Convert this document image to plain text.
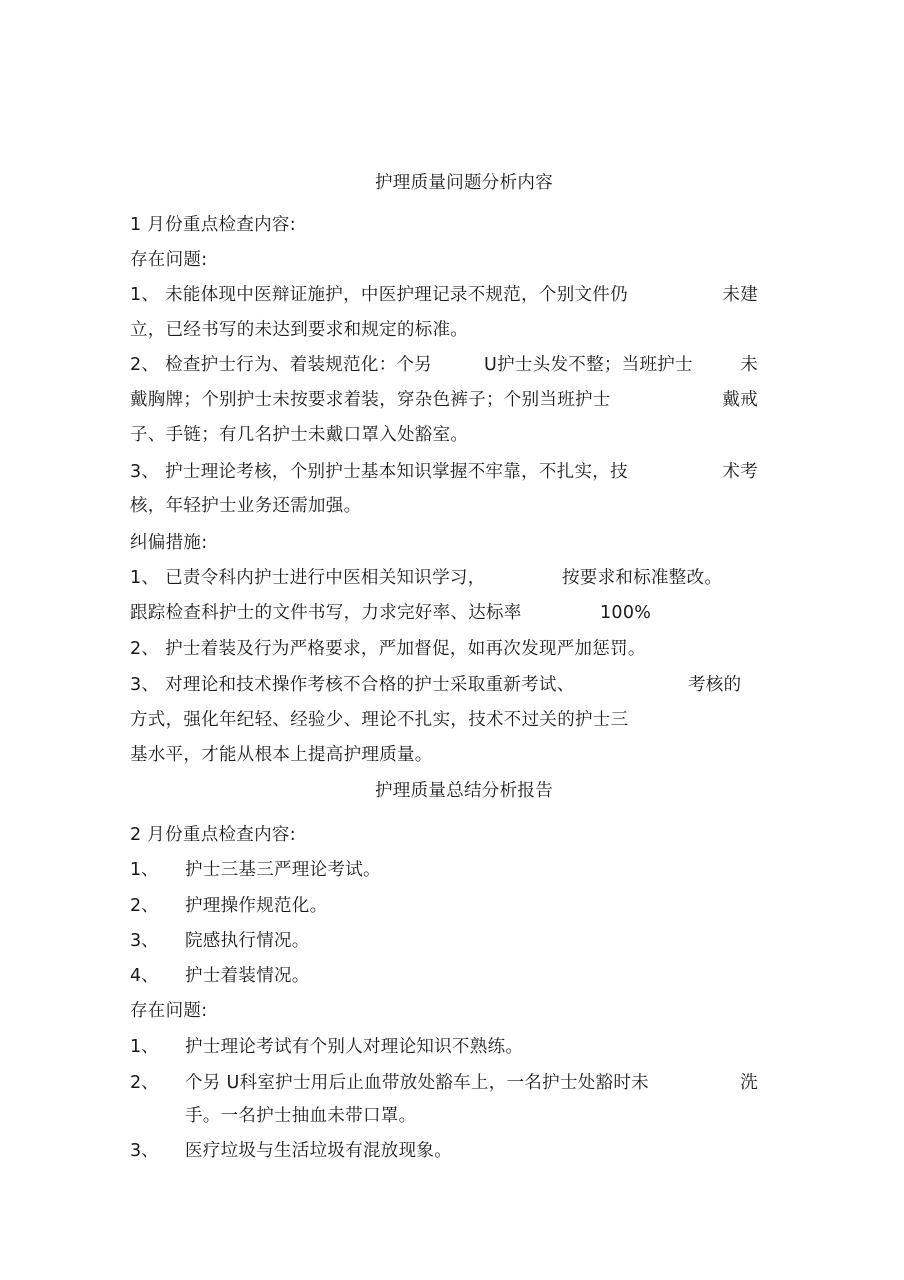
护理质量问题分析内容
1 月份重点检查内容:
存在问题:
1、 未能体现中医辩证施护，中医护理记录不规范，个别文件仍	未建
立，已经书写的未达到要求和规定的标准。
2、 检查护士行为、着装规范化：个另	U护士头发不整；当班护士	未
戴胸牌；个别护士未按要求着装，穿杂色裤子；个别当班护士	戴戒
子、手链；有几名护士未戴口罩入处豁室。
3、 护士理论考核，个别护士基本知识掌握不牢靠，不扎实，技	术考
核，年轻护士业务还需加强。
纠偏措施:
1、 已责令科内护士进行中医相关知识学习，	按要求和标准整改。
跟踪检查科护士的文件书写，力求完好率、达标率	100%
2、 护士着装及行为严格要求，严加督促，如再次发现严加惩罚。
3、 对理论和技术操作考核不合格的护士采取重新考试、	考核的
方式，强化年纪轻、经验少、理论不扎实，技术不过关的护士三
基水平，才能从根本上提高护理质量。
护理质量总结分析报告
2 月份重点检查内容:
1、 护士三基三严理论考试。
2、 护理操作规范化。
3、 院感执行情况。
4、 护士着装情况。
存在问题:
1、 护士理论考试有个别人对理论知识不熟练。
2、 个另 U科室护士用后止血带放处豁车上，一名护士处豁时未	洗
手。一名护士抽血未带口罩。
3、 医疗垃圾与生活垃圾有混放现象。
